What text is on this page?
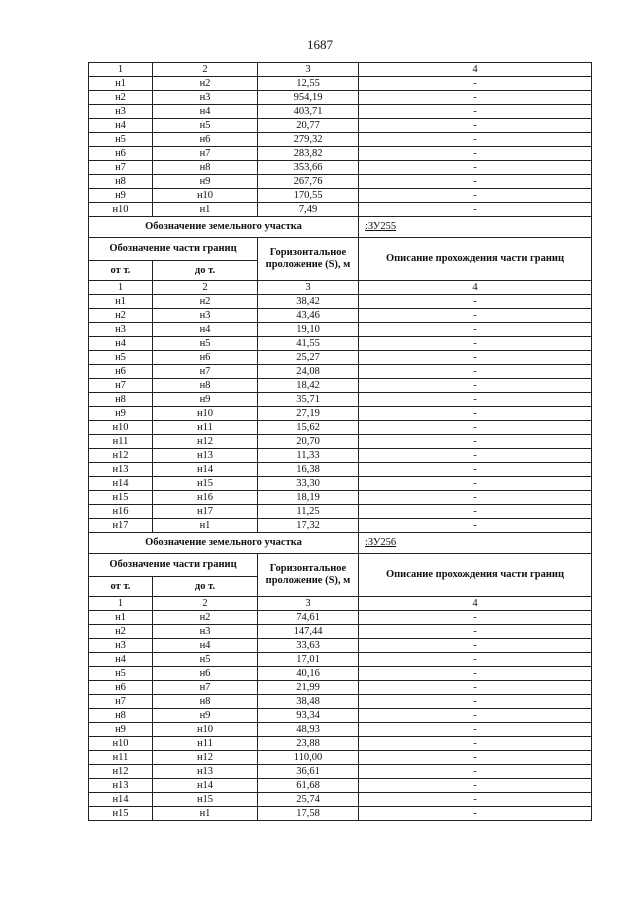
1687
1	2	3	4
н1	н2	12,55	-
н2	н3	954,19	-
н3	н4	403,71	-
н4	н5	20,77	-
н5	н6	279,32	-
н6	н7	283,82	-
н7	н8	353,66	-
н8	н9	267,76	-
н9	н10	170,55	-
н10	н1	7,49	-
Обозначение земельного участка			:ЗУ255
Обозначение части границ		Горизонтальное проложение (S), м	Описание прохождения части границ
от т.	до т.		
1	2	3	4
н1	н2	38,42	-
н2	н3	43,46	-
н3	н4	19,10	-
н4	н5	41,55	-
н5	н6	25,27	-
н6	н7	24,08	-
н7	н8	18,42	-
н8	н9	35,71	-
н9	н10	27,19	-
н10	н11	15,62	-
н11	н12	20,70	-
н12	н13	11,33	-
н13	н14	16,38	-
н14	н15	33,30	-
н15	н16	18,19	-
н16	н17	11,25	-
н17	н1	17,32	-
Обозначение земельного участка			:ЗУ256
Обозначение части границ		Горизонтальное проложение (S), м	Описание прохождения части границ
от т.	до т.		
1	2	3	4
н1	н2	74,61	-
н2	н3	147,44	-
н3	н4	33,63	-
н4	н5	17,01	-
н5	н6	40,16	-
н6	н7	21,99	-
н7	н8	38,48	-
н8	н9	93,34	-
н9	н10	48,93	-
н10	н11	23,88	-
н11	н12	110,00	-
н12	н13	36,61	-
н13	н14	61,68	-
н14	н15	25,74	-
н15	н1	17,58	-
